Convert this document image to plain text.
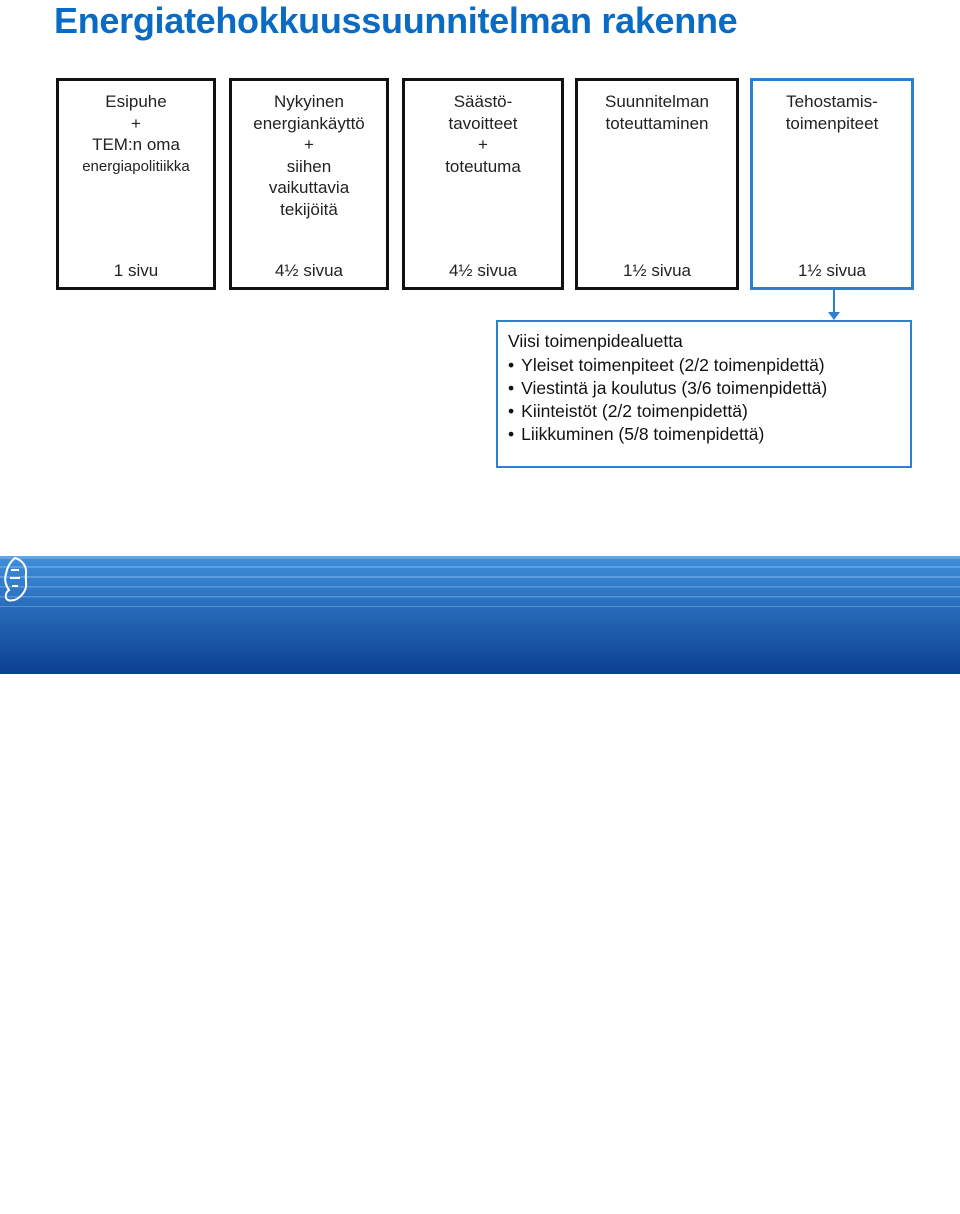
Energiatehokkuussuunnitelman rakenne
Esipuhe
+
TEM:n oma
energiapolitiikka
1 sivu
Nykyinen
energiankäyttö
+
siihen
vaikuttavia
tekijöitä
4½ sivua
Säästö-
tavoitteet
+
toteutuma
4½ sivua
Suunnitelman
toteuttaminen
1½ sivua
Tehostamis-
toimenpiteet
1½ sivua
Viisi toimenpidealuetta
• Yleiset toimenpiteet (2/2 toimenpidettä)
• Viestintä ja koulutus (3/6 toimenpidettä)
• Kiinteistöt (2/2 toimenpidettä)
• Liikkuminen (5/8 toimenpidettä)
TYÖ- JA ELINKEINOMINISTERIÖ
ARBETS- OCH NÄRINGSMINISTERIET
MINISTRY OF EMPLOYMENT AND THE ECONOMY
